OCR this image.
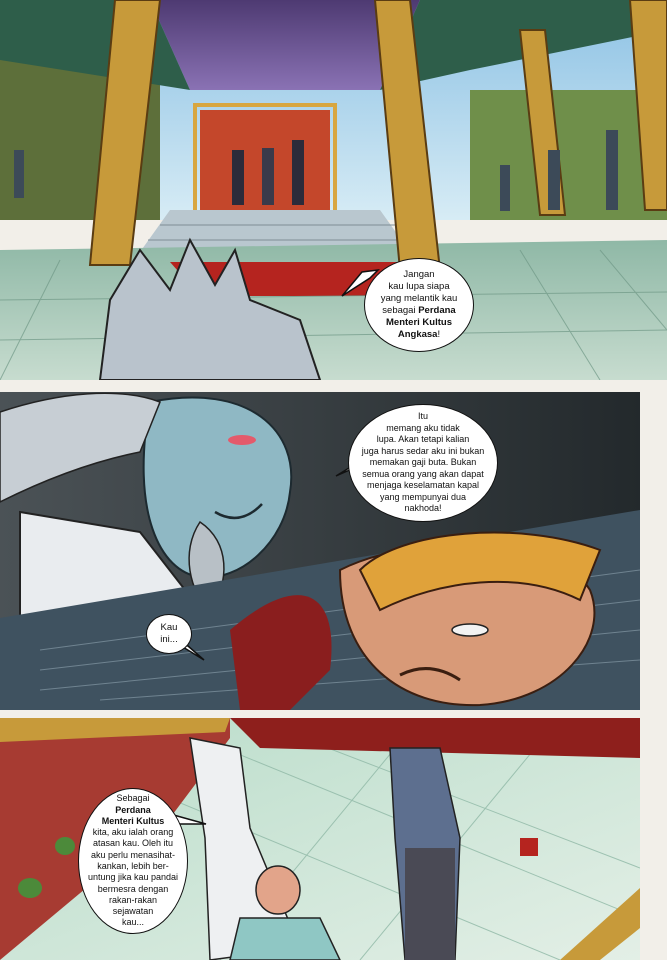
Jangan
kau lupa siapa
yang melantik kau
sebagai Perdana
Menteri Kultus
Angkasa!

Itu
memang aku tidak
lupa. Akan tetapi kalian
juga harus sedar aku ini bukan
memakan gaji buta. Bukan
semua orang yang akan dapat
menjaga keselamatan kapal
yang mempunyai dua
nakhoda!

Kau
ini...

Sebagai
Perdana
Menteri Kultus
kita, aku ialah orang
atasan kau. Oleh itu
aku perlu menasihat-
kankan, lebih ber-
untung jika kau pandai
bermesra dengan
rakan-rakan
sejawatan
kau...
